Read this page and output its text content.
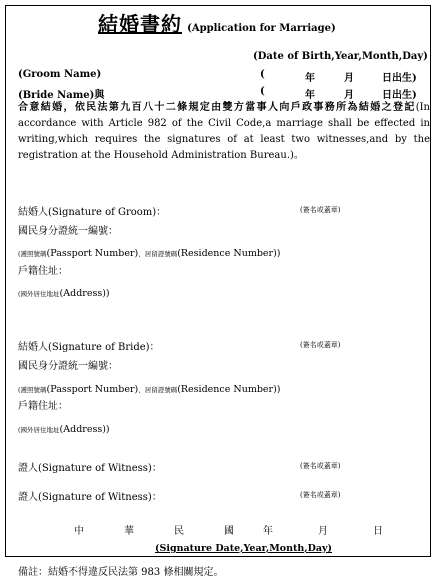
結婚書約 (Application for Marriage)
(Date of Birth,Year,Month,Day)
(Groom Name)	(	年	月	日出生)
(Bride Name)與	(	年	月	日出生)
合意結婚，依民法第九百八十二條規定由雙方當事人向戶政事務所為結婚之登記(In accordance with Article 982 of the Civil Code,a marriage shall be effected in writing,which requires the signatures of at least two witnesses,and by the registration at the Household Administration Bureau.)。
結婚人(Signature of Groom)：	(簽名或蓋章)
國民身分證統一編號：
(護照號碼(Passport Number)、居留證號碼(Residence Number))
戶籍住址：
(國外居住地址(Address))
結婚人(Signature of Bride)：	(簽名或蓋章)
國民身分證統一編號：
(護照號碼(Passport Number)、居留證號碼(Residence Number))
戶籍住址：
(國外居住地址(Address))
證人(Signature of Witness)：	(簽名或蓋章)
證人(Signature of Witness)：	(簽名或蓋章)
中	華	民	國	年	月	日
(Signature Date,Year,Month,Day)
備註：結婚不得違反民法第 983 條相關規定。
